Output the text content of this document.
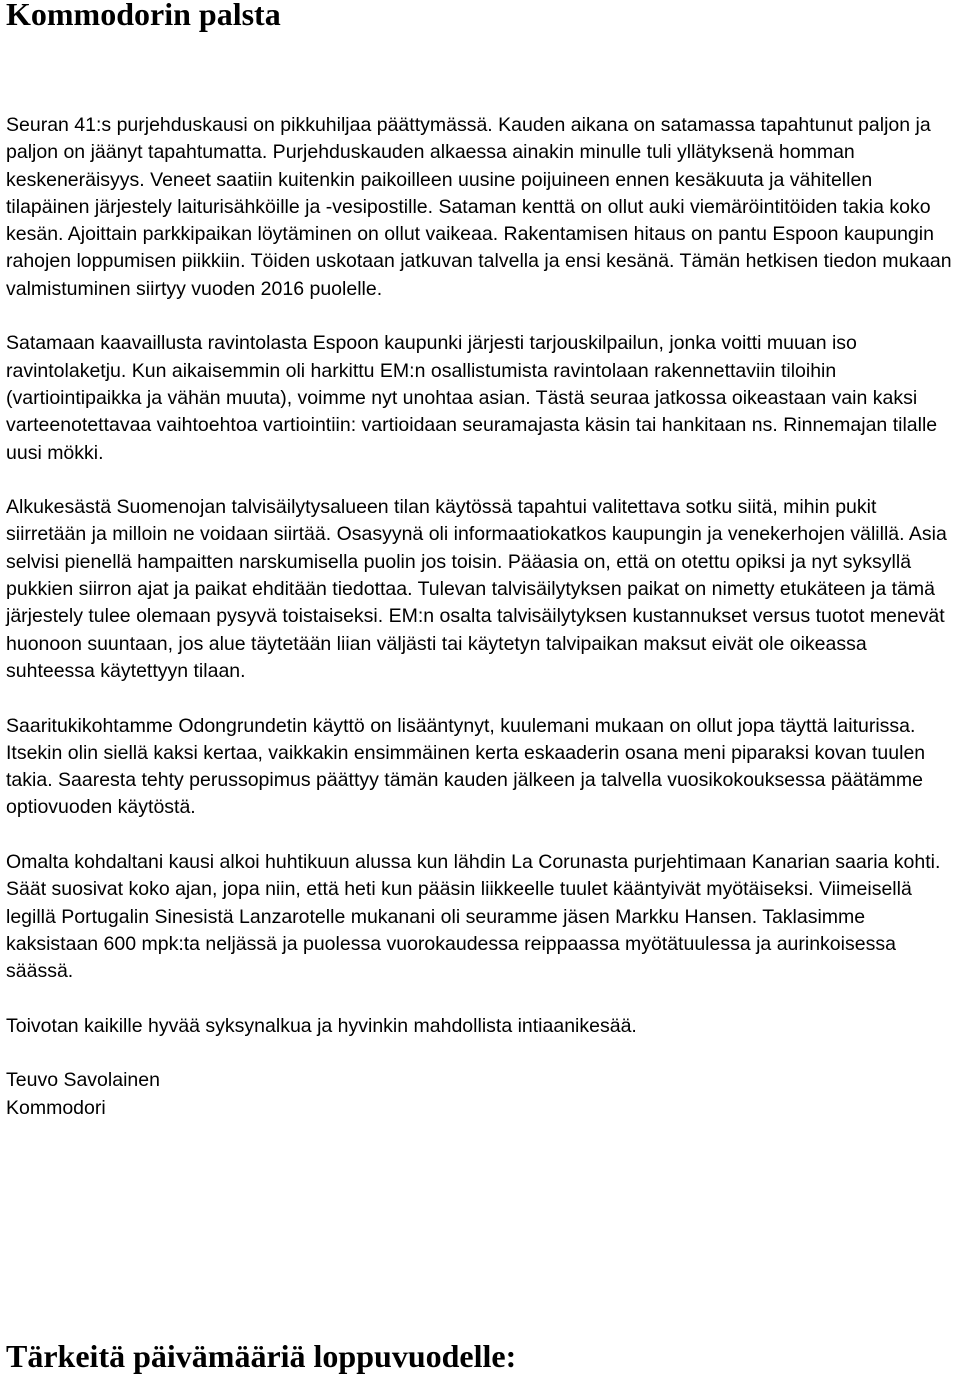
Kommodorin palsta

Seuran 41:s purjehduskausi on pikkuhiljaa päättymässä. Kauden aikana on satamassa tapahtunut paljon ja paljon on jäänyt tapahtumatta. Purjehduskauden alkaessa ainakin minulle tuli yllätyksenä homman keskeneräisyys. Veneet saatiin kuitenkin paikoilleen uusine poijuineen ennen kesäkuuta ja vähitellen tilapäinen järjestely laiturisähköille ja -vesipostille. Sataman kenttä on ollut auki viemäröintitöiden takia koko kesän. Ajoittain parkkipaikan löytäminen on ollut vaikeaa. Rakentamisen hitaus on pantu Espoon kaupungin rahojen loppumisen piikkiin. Töiden uskotaan jatkuvan talvella ja ensi kesänä. Tämän hetkisen tiedon mukaan valmistuminen siirtyy vuoden 2016 puolelle.

Satamaan kaavaillusta ravintolasta Espoon kaupunki järjesti tarjouskilpailun, jonka voitti muuan iso ravintolaketju. Kun aikaisemmin oli harkittu EM:n osallistumista ravintolaan rakennettaviin tiloihin (vartiointipaikka ja vähän muuta), voimme nyt unohtaa asian. Tästä seuraa jatkossa oikeastaan vain kaksi varteenotettavaa vaihtoehtoa vartiointiin: vartioidaan seuramajasta käsin tai hankitaan ns. Rinnemajan tilalle uusi mökki.

Alkukesästä Suomenojan talvisäilytysalueen tilan käytössä tapahtui valitettava sotku siitä, mihin pukit siirretään ja milloin ne voidaan siirtää. Osasyynä oli informaatiokatkos kaupungin ja venekerhojen välillä. Asia selvisi pienellä hampaitten narskumisella puolin jos toisin. Pääasia on, että on otettu opiksi ja nyt syksyllä pukkien siirron ajat ja paikat ehditään tiedottaa. Tulevan talvisäilytyksen paikat on nimetty etukäteen ja tämä järjestely tulee olemaan pysyvä toistaiseksi. EM:n osalta talvisäilytyksen kustannukset versus tuotot menevät huonoon suuntaan, jos alue täytetään liian väljästi tai käytetyn talvipaikan maksut eivät ole oikeassa suhteessa käytettyyn tilaan.

Saaritukikohtamme Odongrundetin käyttö on lisääntynyt, kuulemani mukaan on ollut jopa täyttä laiturissa. Itsekin olin siellä kaksi kertaa, vaikkakin ensimmäinen kerta eskaaderin osana meni piparaksi kovan tuulen takia. Saaresta tehty perussopimus päättyy tämän kauden jälkeen ja talvella vuosikokouksessa päätämme optiovuoden käytöstä.

Omalta kohdaltani kausi alkoi huhtikuun alussa kun lähdin La Corunasta purjehtimaan Kanarian saaria kohti. Säät suosivat koko ajan, jopa niin, että heti kun pääsin liikkeelle tuulet kääntyivät myötäiseksi. Viimeisellä legillä Portugalin Sinesistä Lanzarotelle mukanani oli seuramme jäsen Markku Hansen. Taklasimme kaksistaan 600 mpk:ta neljässä ja puolessa vuorokaudessa reippaassa myötätuulessa ja aurinkoisessa säässä.

Toivotan kaikille hyvää syksynalkua ja hyvinkin mahdollista intiaanikesää.

Teuvo Savolainen
Kommodori
Tärkeitä päivämääriä loppuvuodelle:
